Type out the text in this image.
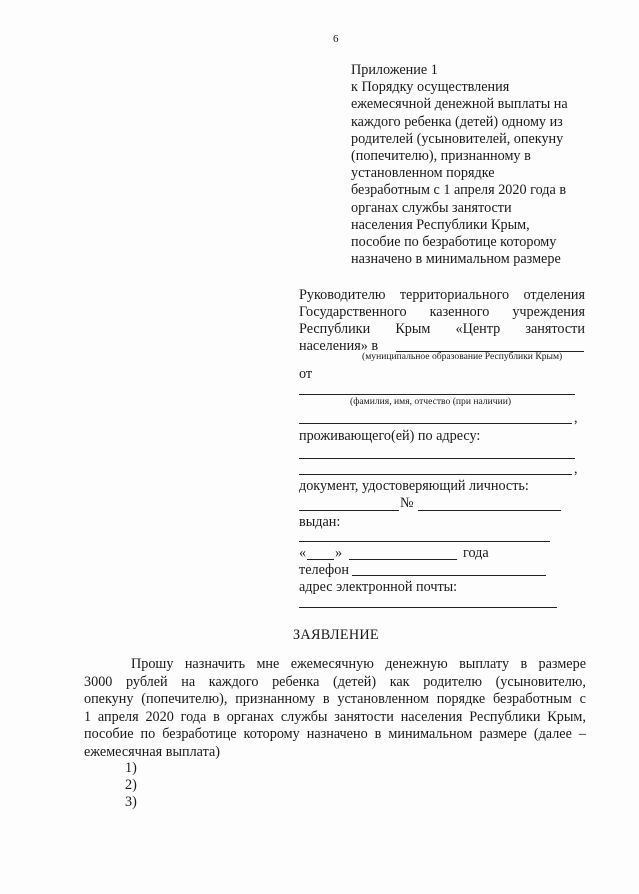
6
Приложение 1
к Порядку осуществления
ежемесячной денежной выплаты на
каждого ребенка (детей) одному из
родителей (усыновителей, опекуну
(попечителю), признанному в
установленном порядке
безработным с 1 апреля 2020 года в
органах службы занятости
населения Республики Крым,
пособие по безработице которому
назначено в минимальном размере
Руководителю территориального отделения
Государственного казенного учреждения
Республики Крым «Центр занятости
населения» в
(муниципальное образование Республики Крым)
от
(фамилия, имя, отчество (при наличии)
,
проживающего(ей) по адресу:
,
документ, удостоверяющий личность:
№
выдан:
« »	года
телефон
адрес электронной почты:
ЗАЯВЛЕНИЕ
Прошу назначить мне ежемесячную денежную выплату в размере
3000 рублей на каждого ребенка (детей) как родителю (усыновителю,
опекуну (попечителю), признанному в установленном порядке безработным с
1 апреля 2020 года в органах службы занятости населения Республики Крым,
пособие по безработице которому назначено в минимальном размере (далее –
ежемесячная выплата)
1)
2)
3)
